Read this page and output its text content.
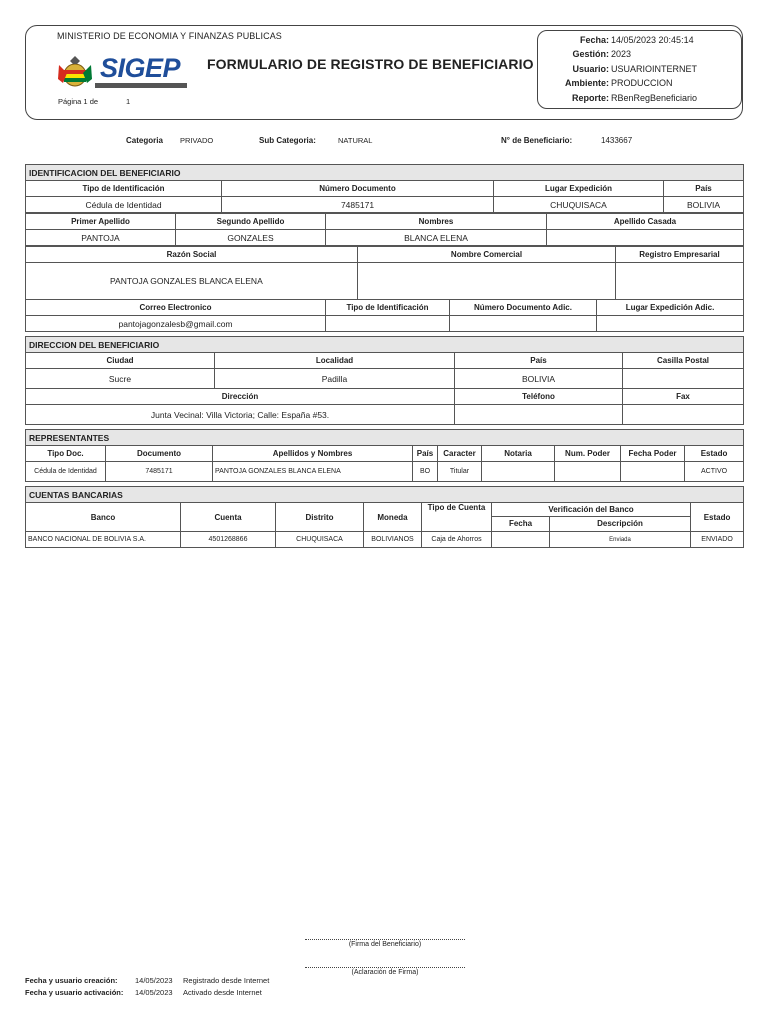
MINISTERIO DE ECONOMIA Y FINANZAS PUBLICAS
SIGEP FORMULARIO DE REGISTRO DE BENEFICIARIO
Página 1 de	1
Fecha: 14/05/2023 20:45:14
Gestión: 2023
Usuario: USUARIOINTERNET
Ambiente: PRODUCCION
Reporte: RBenRegBeneficiario
Categoria PRIVADO	Sub Categoria:	NATURAL	N° de Beneficiario:	1433667
IDENTIFICACION DEL BENEFICIARIO			
Tipo de Identificación	Número Documento	Lugar Expedición	País
Cédula de Identidad	7485171	CHUQUISACA	BOLIVIA
Primer Apellido	Segundo Apellido	Nombres	Apellido Casada
PANTOJA	GONZALES	BLANCA ELENA	
Razón Social	Nombre Comercial	Registro Empresarial
PANTOJA GONZALES BLANCA ELENA		
Correo Electronico	Tipo de Identificación	Número Documento Adic.	Lugar Expedición Adic.
pantojagonzalesb@gmail.com			
DIRECCION DEL BENEFICIARIO			
Ciudad	Localidad	País	Casilla Postal
Sucre	Padilla	BOLIVIA	
Dirección		Teléfono	Fax
Junta Vecinal: Villa Victoria; Calle: España #53.			
REPRESENTANTES								
Tipo Doc.	Documento	Apellidos y Nombres	País	Caracter	Notaria	Num. Poder	Fecha Poder	Estado
Cédula de Identidad	7485171	PANTOJA GONZALES BLANCA ELENA	BO	Titular				ACTIVO
CUENTAS BANCARIAS							
Banco	Cuenta	Distrito	Moneda	Tipo de Cuenta	Verificación del Banco		Estado
					Fecha	Descripción	
BANCO NACIONAL DE BOLIVIA S.A.	4501268866	CHUQUISACA	BOLIVIANOS	Caja de Ahorros		Enviada	ENVIADO
(Firma del Beneficiario)
(Aclaración de Firma)
Fecha y usuario creación: 14/05/2023 Registrado desde Internet
Fecha y usuario activación: 14/05/2023 Activado desde Internet
